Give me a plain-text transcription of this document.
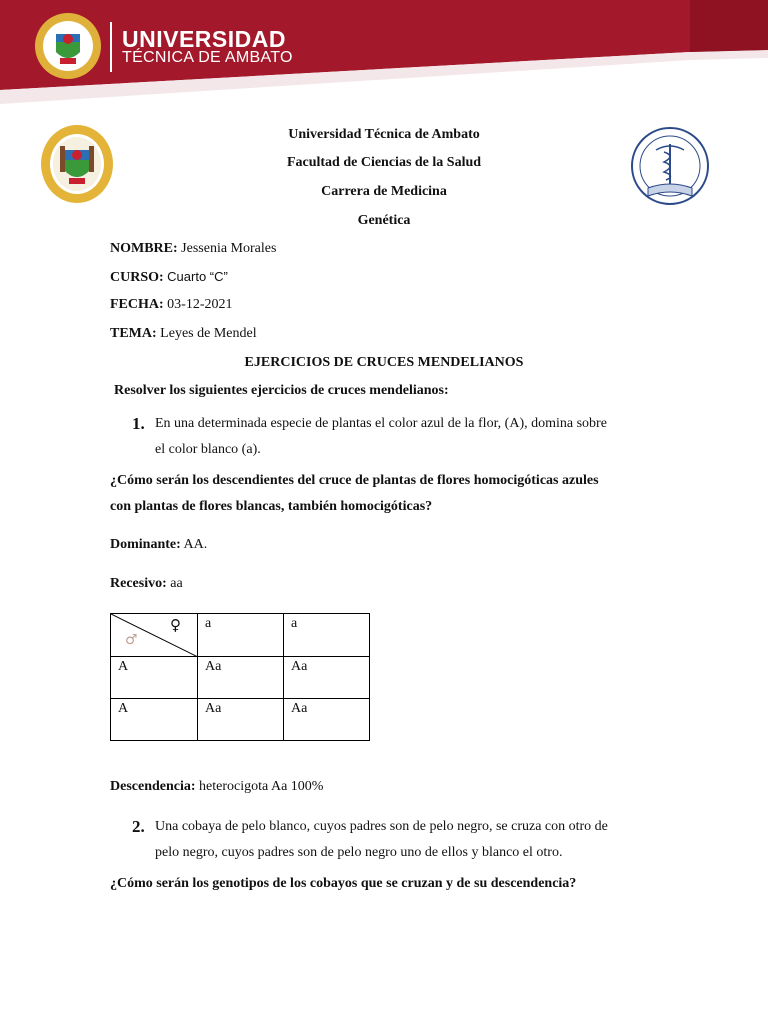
UNIVERSIDAD
TÉCNICA DE AMBATO
Universidad Técnica de Ambato
Facultad de Ciencias de la Salud
Carrera de Medicina
Genética
NOMBRE: Jessenia Morales
CURSO: Cuarto “C”
FECHA: 03-12-2021
TEMA: Leyes de Mendel
EJERCICIOS DE CRUCES MENDELIANOS
Resolver los siguientes ejercicios de cruces mendelianos:
1. En una determinada especie de plantas el color azul de la flor, (A), domina sobre
el color blanco (a).
¿Cómo serán los descendientes del cruce de plantas de flores homocigóticas azules
con plantas de flores blancas, también homocigóticas?
Dominante: AA.
Recesivo: aa
♀
♂	a	a
A	Aa	Aa
A	Aa	Aa
Descendencia: heterocigota Aa 100%
2. Una cobaya de pelo blanco, cuyos padres son de pelo negro, se cruza con otro de
pelo negro, cuyos padres son de pelo negro uno de ellos y blanco el otro.
¿Cómo serán los genotipos de los cobayos que se cruzan y de su descendencia?
